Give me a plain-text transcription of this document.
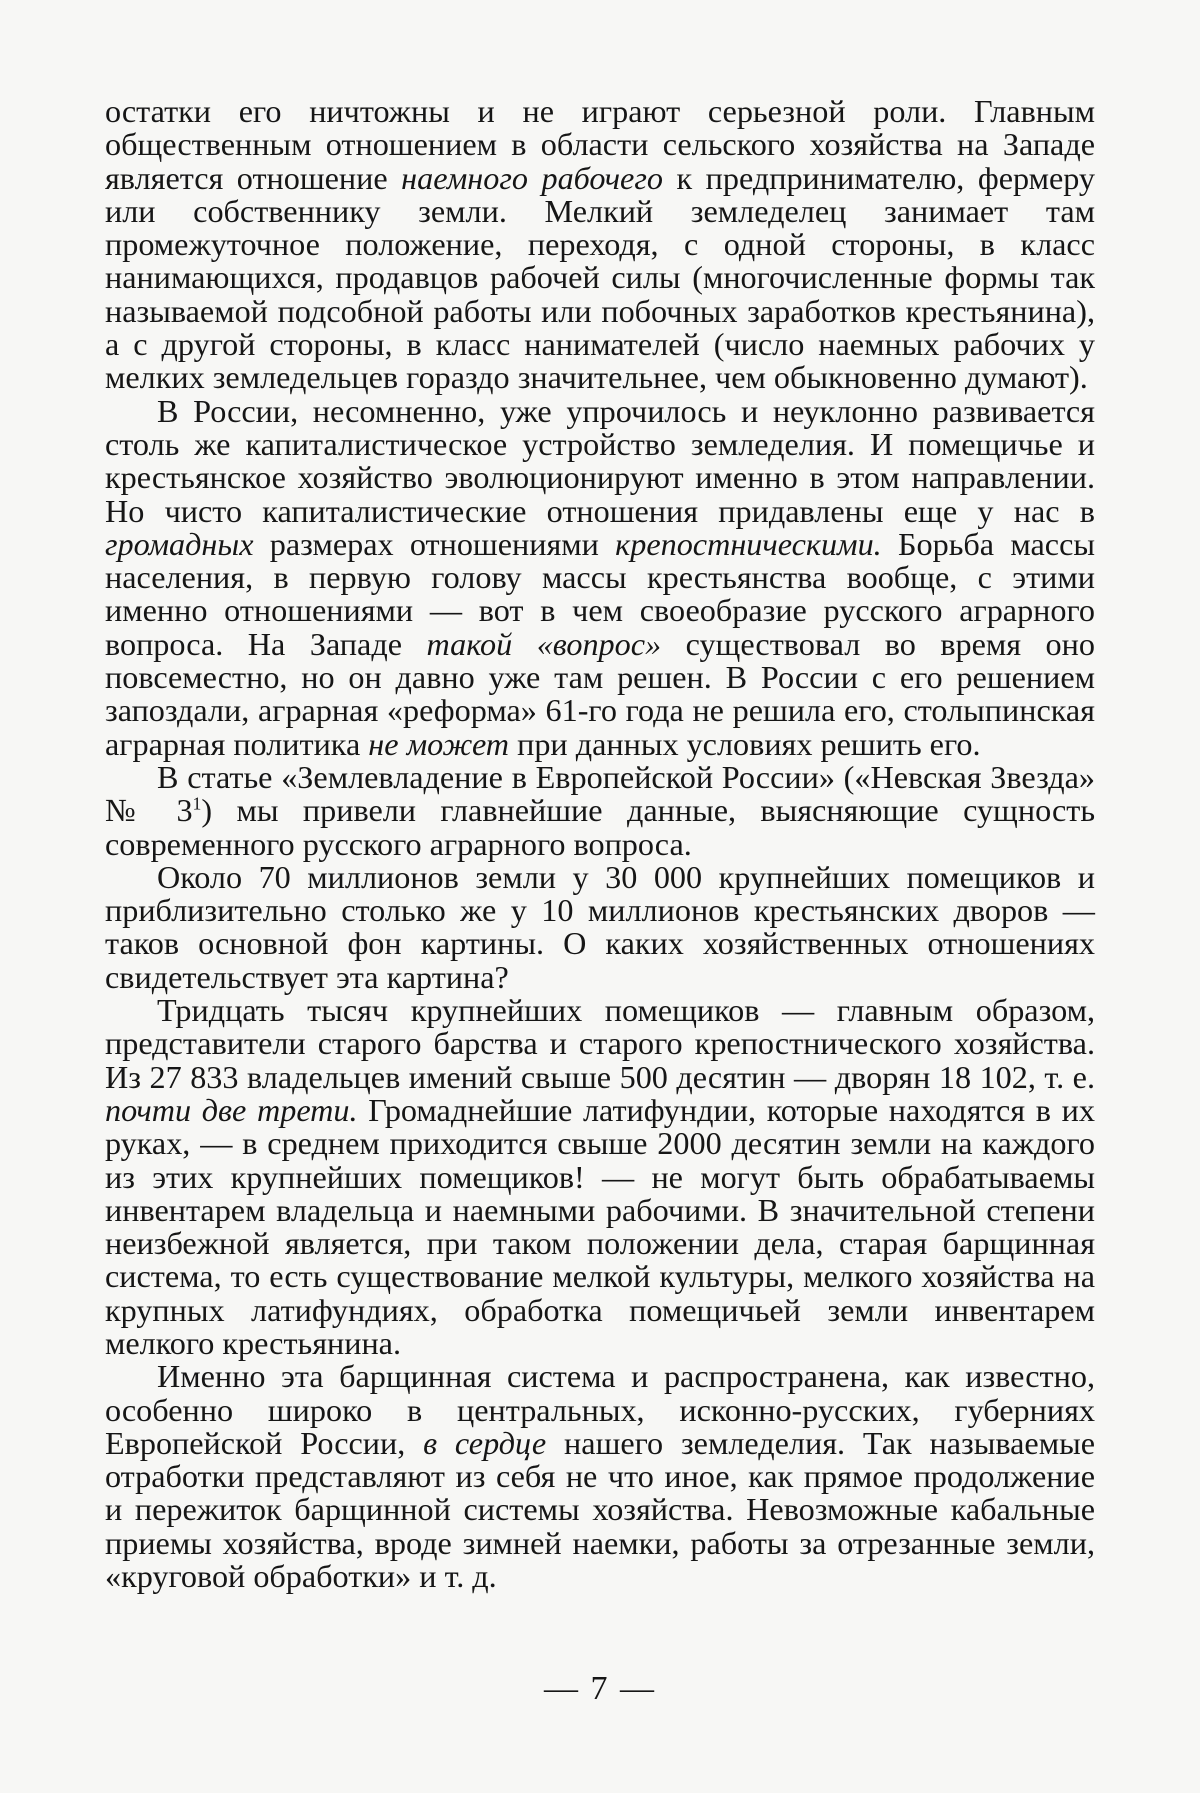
остатки его ничтожны и не играют серьезной роли. Главным общественным отношением в области сельского хозяйства на Западе является отношение наемного рабочего к предпринимателю, фермеру или собственнику земли. Мелкий земледелец занимает там промежуточное положение, переходя, с одной стороны, в класс нанимающихся, продавцов рабочей силы (многочисленные формы так называемой подсобной работы или побочных заработков крестьянина), а с другой стороны, в класс нанимателей (число наемных рабочих у мелких земледельцев гораздо значительнее, чем обыкновенно думают).

В России, несомненно, уже упрочилось и неуклонно развивается столь же капиталистическое устройство земледелия. И помещичье и крестьянское хозяйство эволюционируют именно в этом направлении. Но чисто капиталистические отношения придавлены еще у нас в громадных размерах отношениями крепостническими. Борьба массы населения, в первую голову массы крестьянства вообще, с этими именно отношениями — вот в чем своеобразие русского аграрного вопроса. На Западе такой «вопрос» существовал во время оно повсеместно, но он давно уже там решен. В России с его решением запоздали, аграрная «реформа» 61-го года не решила его, столыпинская аграрная политика не может при данных условиях решить его.

В статье «Землевладение в Европейской России» («Невская Звезда» № $3^1$) мы привели главнейшие данные, выясняющие сущность современного русского аграрного вопроса.

Около 70 миллионов земли у 30 000 крупнейших помещиков и приблизительно столько же у 10 миллионов крестьянских дворов — таков основной фон картины. О каких хозяйственных отношениях свидетельствует эта картина?

Тридцать тысяч крупнейших помещиков — главным образом, представители старого барства и старого крепостнического хозяйства. Из 27 833 владельцев имений свыше 500 десятин — дворян 18 102, т. е. почти две трети. Громаднейшие латифундии, которые находятся в их руках, — в среднем приходится свыше 2000 десятин земли на каждого из этих крупнейших помещиков! — не могут быть обрабатываемы инвентарем владельца и наемными рабочими. В значительной степени неизбежной является, при таком положении дела, старая барщинная система, то есть существование мелкой культуры, мелкого хозяйства на крупных латифундиях, обработка помещичьей земли инвентарем мелкого крестьянина.

Именно эта барщинная система и распространена, как известно, особенно широко в центральных, исконно-русских, губерниях Европейской России, в сердце нашего земледелия. Так называемые отработки представляют из себя не что иное, как прямое продолжение и пережиток барщинной системы хозяйства. Невозможные кабальные приемы хозяйства, вроде зимней наемки, работы за отрезанные земли, «круговой обработки» и т. д.

— 7 —
